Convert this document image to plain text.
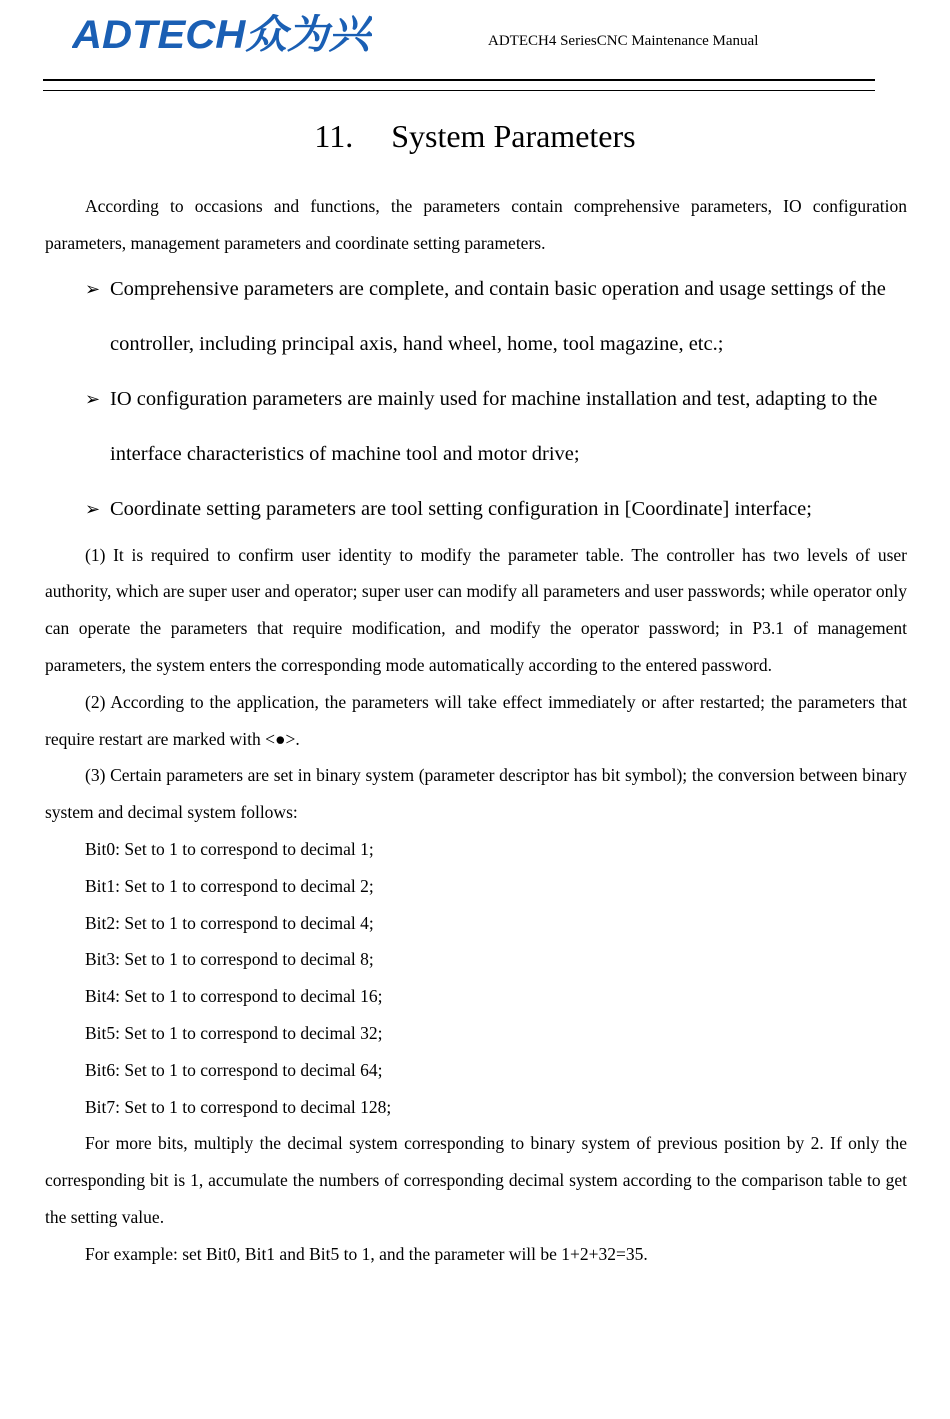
ADTECH众为兴	ADTECH4 SeriesCNC Maintenance Manual
11. System Parameters

According to occasions and functions, the parameters contain comprehensive parameters, IO configuration parameters, management parameters and coordinate setting parameters.

➢ Comprehensive parameters are complete, and contain basic operation and usage settings of the controller, including principal axis, hand wheel, home, tool magazine, etc.;
➢ IO configuration parameters are mainly used for machine installation and test, adapting to the interface characteristics of machine tool and motor drive;
➢ Coordinate setting parameters are tool setting configuration in [Coordinate] interface;

(1) It is required to confirm user identity to modify the parameter table. The controller has two levels of user authority, which are super user and operator; super user can modify all parameters and user passwords; while operator only can operate the parameters that require modification, and modify the operator password; in P3.1 of management parameters, the system enters the corresponding mode automatically according to the entered password.

(2) According to the application, the parameters will take effect immediately or after restarted; the parameters that require restart are marked with <●>.

(3) Certain parameters are set in binary system (parameter descriptor has bit symbol); the conversion between binary system and decimal system follows:

Bit0: Set to 1 to correspond to decimal 1;
Bit1: Set to 1 to correspond to decimal 2;
Bit2: Set to 1 to correspond to decimal 4;
Bit3: Set to 1 to correspond to decimal 8;
Bit4: Set to 1 to correspond to decimal 16;
Bit5: Set to 1 to correspond to decimal 32;
Bit6: Set to 1 to correspond to decimal 64;
Bit7: Set to 1 to correspond to decimal 128;

For more bits, multiply the decimal system corresponding to binary system of previous position by 2. If only the corresponding bit is 1, accumulate the numbers of corresponding decimal system according to the comparison table to get the setting value.

For example: set Bit0, Bit1 and Bit5 to 1, and the parameter will be 1+2+32=35.
